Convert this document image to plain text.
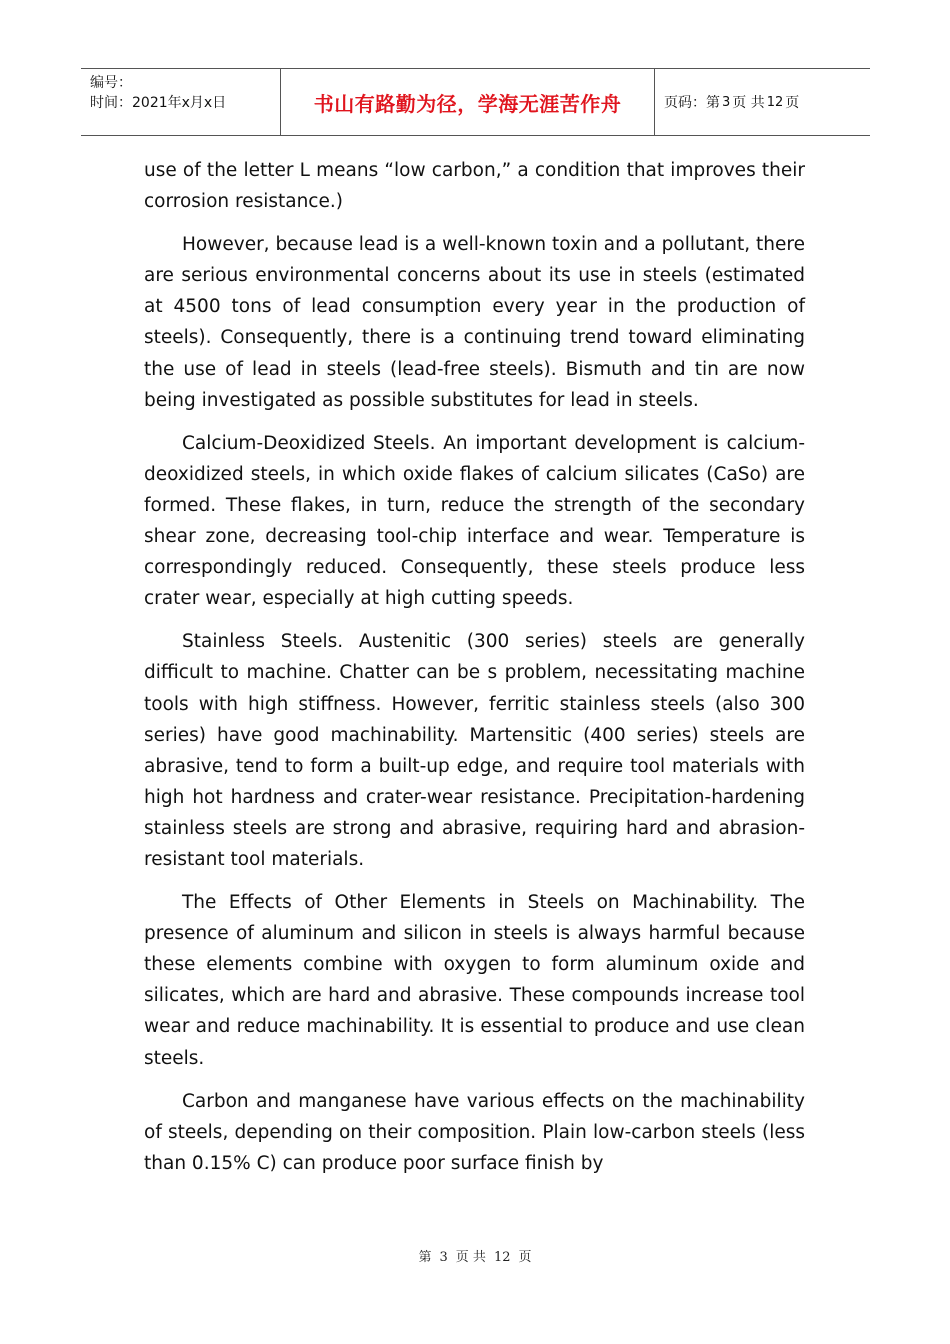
编号：
时间：2021年x月x日	书山有路勤为径，学海无涯苦作舟	页码：第 3 页 共 12 页

use of the letter L means “low carbon,” a condition that improves their corrosion resistance.)

However, because lead is a well-known toxin and a pollutant, there are serious environmental concerns about its use in steels (estimated at 4500 tons of lead consumption every year in the production of steels). Consequently, there is a continuing trend toward eliminating the use of lead in steels (lead-free steels). Bismuth and tin are now being investigated as possible substitutes for lead in steels.

Calcium-Deoxidized Steels. An important development is calcium-deoxidized steels, in which oxide flakes of calcium silicates (CaSo) are formed. These flakes, in turn, reduce the strength of the secondary shear zone, decreasing tool-chip interface and wear. Temperature is correspondingly reduced. Consequently, these steels produce less crater wear, especially at high cutting speeds.

Stainless Steels. Austenitic (300 series) steels are generally difficult to machine. Chatter can be s problem, necessitating machine tools with high stiffness. However, ferritic stainless steels (also 300 series) have good machinability. Martensitic (400 series) steels are abrasive, tend to form a built-up edge, and require tool materials with high hot hardness and crater-wear resistance. Precipitation-hardening stainless steels are strong and abrasive, requiring hard and abrasion-resistant tool materials.

The Effects of Other Elements in Steels on Machinability. The presence of aluminum and silicon in steels is always harmful because these elements combine with oxygen to form aluminum oxide and silicates, which are hard and abrasive. These compounds increase tool wear and reduce machinability. It is essential to produce and use clean steels.

Carbon and manganese have various effects on the machinability of steels, depending on their composition. Plain low-carbon steels (less than 0.15% C) can produce poor surface finish by

第 3 页 共 12 页
